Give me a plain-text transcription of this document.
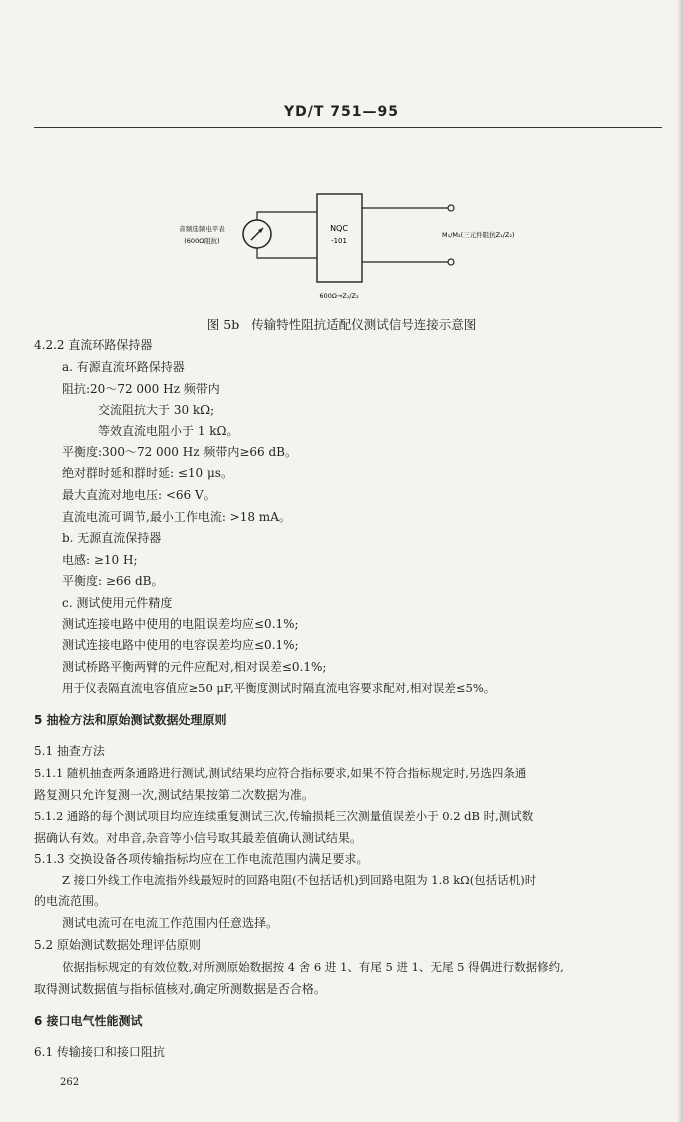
YD/T 751—95
NQC
-101
音频选频电平表
(600Ω阻抗)
M₁/M₂(三元件阻抗Z₁/Z₂)
600Ω→Z₁/Z₂
图 5b 传输特性阻抗适配仪测试信号连接示意图
4.2.2 直流环路保持器
a. 有源直流环路保持器
阻抗:20～72 000 Hz 频带内
交流阻抗大于 30 kΩ;
等效直流电阻小于 1 kΩ。
平衡度:300～72 000 Hz 频带内≥66 dB。
绝对群时延和群时延: ≤10 μs。
最大直流对地电压: <66 V。
直流电流可调节,最小工作电流: >18 mA。
b. 无源直流保持器
电感: ≥10 H;
平衡度: ≥66 dB。
c. 测试使用元件精度
测试连接电路中使用的电阻误差均应≤0.1%;
测试连接电路中使用的电容误差均应≤0.1%;
测试桥路平衡两臂的元件应配对,相对误差≤0.1%;
用于仪表隔直流电容值应≥50 μF,平衡度测试时隔直流电容要求配对,相对误差≤5%。
5 抽检方法和原始测试数据处理原则
5.1 抽查方法
5.1.1 随机抽查两条通路进行测试,测试结果均应符合指标要求,如果不符合指标规定时,另选四条通
路复测只允许复测一次,测试结果按第二次数据为准。
5.1.2 通路的每个测试项目均应连续重复测试三次,传输损耗三次测量值误差小于 0.2 dB 时,测试数
据确认有效。对串音,杂音等小信号取其最差值确认测试结果。
5.1.3 交换设备各项传输指标均应在工作电流范围内满足要求。
Z 接口外线工作电流指外线最短时的回路电阻(不包括话机)到回路电阻为 1.8 kΩ(包括话机)时
的电流范围。
测试电流可在电流工作范围内任意选择。
5.2 原始测试数据处理评估原则
依据指标规定的有效位数,对所测原始数据按 4 舍 6 进 1、有尾 5 进 1、无尾 5 得偶进行数据修约,
取得测试数据值与指标值核对,确定所测数据是否合格。
6 接口电气性能测试
6.1 传输接口和接口阻抗
262
